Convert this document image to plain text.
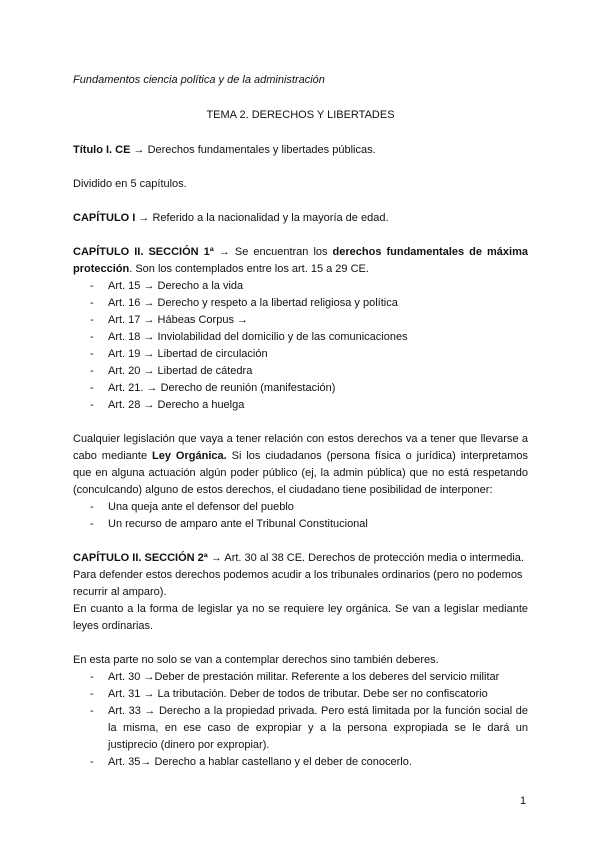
Fundamentos ciencia política y de la administración

TEMA 2. DERECHOS Y LIBERTADES

Título I. CE → Derechos fundamentales y libertades públicas.

Dividido en 5 capítulos.

CAPÍTULO I → Referido a la nacionalidad y la mayoría de edad.

CAPÍTULO II. SECCIÓN 1ª → Se encuentran los derechos fundamentales de máxima protección. Son los contemplados entre los art. 15 a 29 CE.

- Art. 15 → Derecho a la vida
- Art. 16 → Derecho y respeto a la libertad religiosa y política
- Art. 17 → Hábeas Corpus →
- Art. 18 → Inviolabilidad del domicilio y de las comunicaciones
- Art. 19 → Libertad de circulación
- Art. 20 → Libertad de cátedra
- Art. 21. → Derecho de reunión (manifestación)
- Art. 28 → Derecho a huelga

Cualquier legislación que vaya a tener relación con estos derechos va a tener que llevarse a cabo mediante Ley Orgánica. Si los ciudadanos (persona física o jurídica) interpretamos que en alguna actuación algún poder público (ej, la admin pública) que no está respetando (conculcando) alguno de estos derechos, el ciudadano tiene posibilidad de interponer:

- Una queja ante el defensor del pueblo
- Un recurso de amparo ante el Tribunal Constitucional

CAPÍTULO II. SECCIÓN 2ª → Art. 30 al 38 CE. Derechos de protección media o intermedia.

Para defender estos derechos podemos acudir a los tribunales ordinarios (pero no podemos recurrir al amparo).

En cuanto a la forma de legislar ya no se requiere ley orgánica. Se van a legislar mediante leyes ordinarias.

En esta parte no solo se van a contemplar derechos sino también deberes.

- Art. 30 →Deber de prestación militar. Referente a los deberes del servicio militar
- Art. 31 → La tributación. Deber de todos de tributar. Debe ser no confiscatorio
- Art. 33 → Derecho a la propiedad privada. Pero está limitada por la función social de la misma, en ese caso de expropiar y a la persona expropiada se le dará un justiprecio (dinero por expropiar).
- Art. 35→ Derecho a hablar castellano y el deber de conocerlo.
1
